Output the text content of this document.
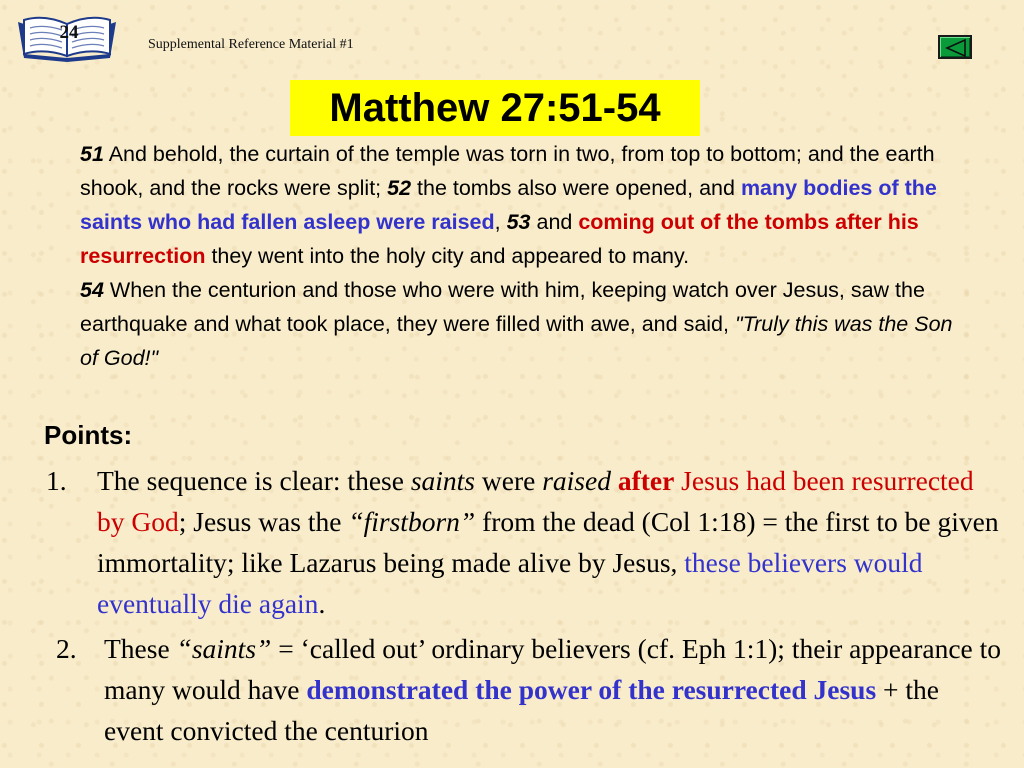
24
Supplemental Reference Material #1
Matthew 27:51-54
51 And behold, the curtain of the temple was torn in two, from top to bottom; and the earth shook, and the rocks were split; 52 the tombs also were opened, and many bodies of the saints who had fallen asleep were raised, 53 and coming out of the tombs after his resurrection they went into the holy city and appeared to many.
54 When the centurion and those who were with him, keeping watch over Jesus, saw the earthquake and what took place, they were filled with awe, and said, "Truly this was the Son of God!"
Points:
1. The sequence is clear: these saints were raised after Jesus had been resurrected by God; Jesus was the “firstborn” from the dead (Col 1:18) = the first to be given immortality; like Lazarus being made alive by Jesus, these believers would eventually die again.
2. These “saints” = ‘called out’ ordinary believers (cf. Eph 1:1); their appearance to many would have demonstrated the power of the resurrected Jesus + the event convicted the centurion
